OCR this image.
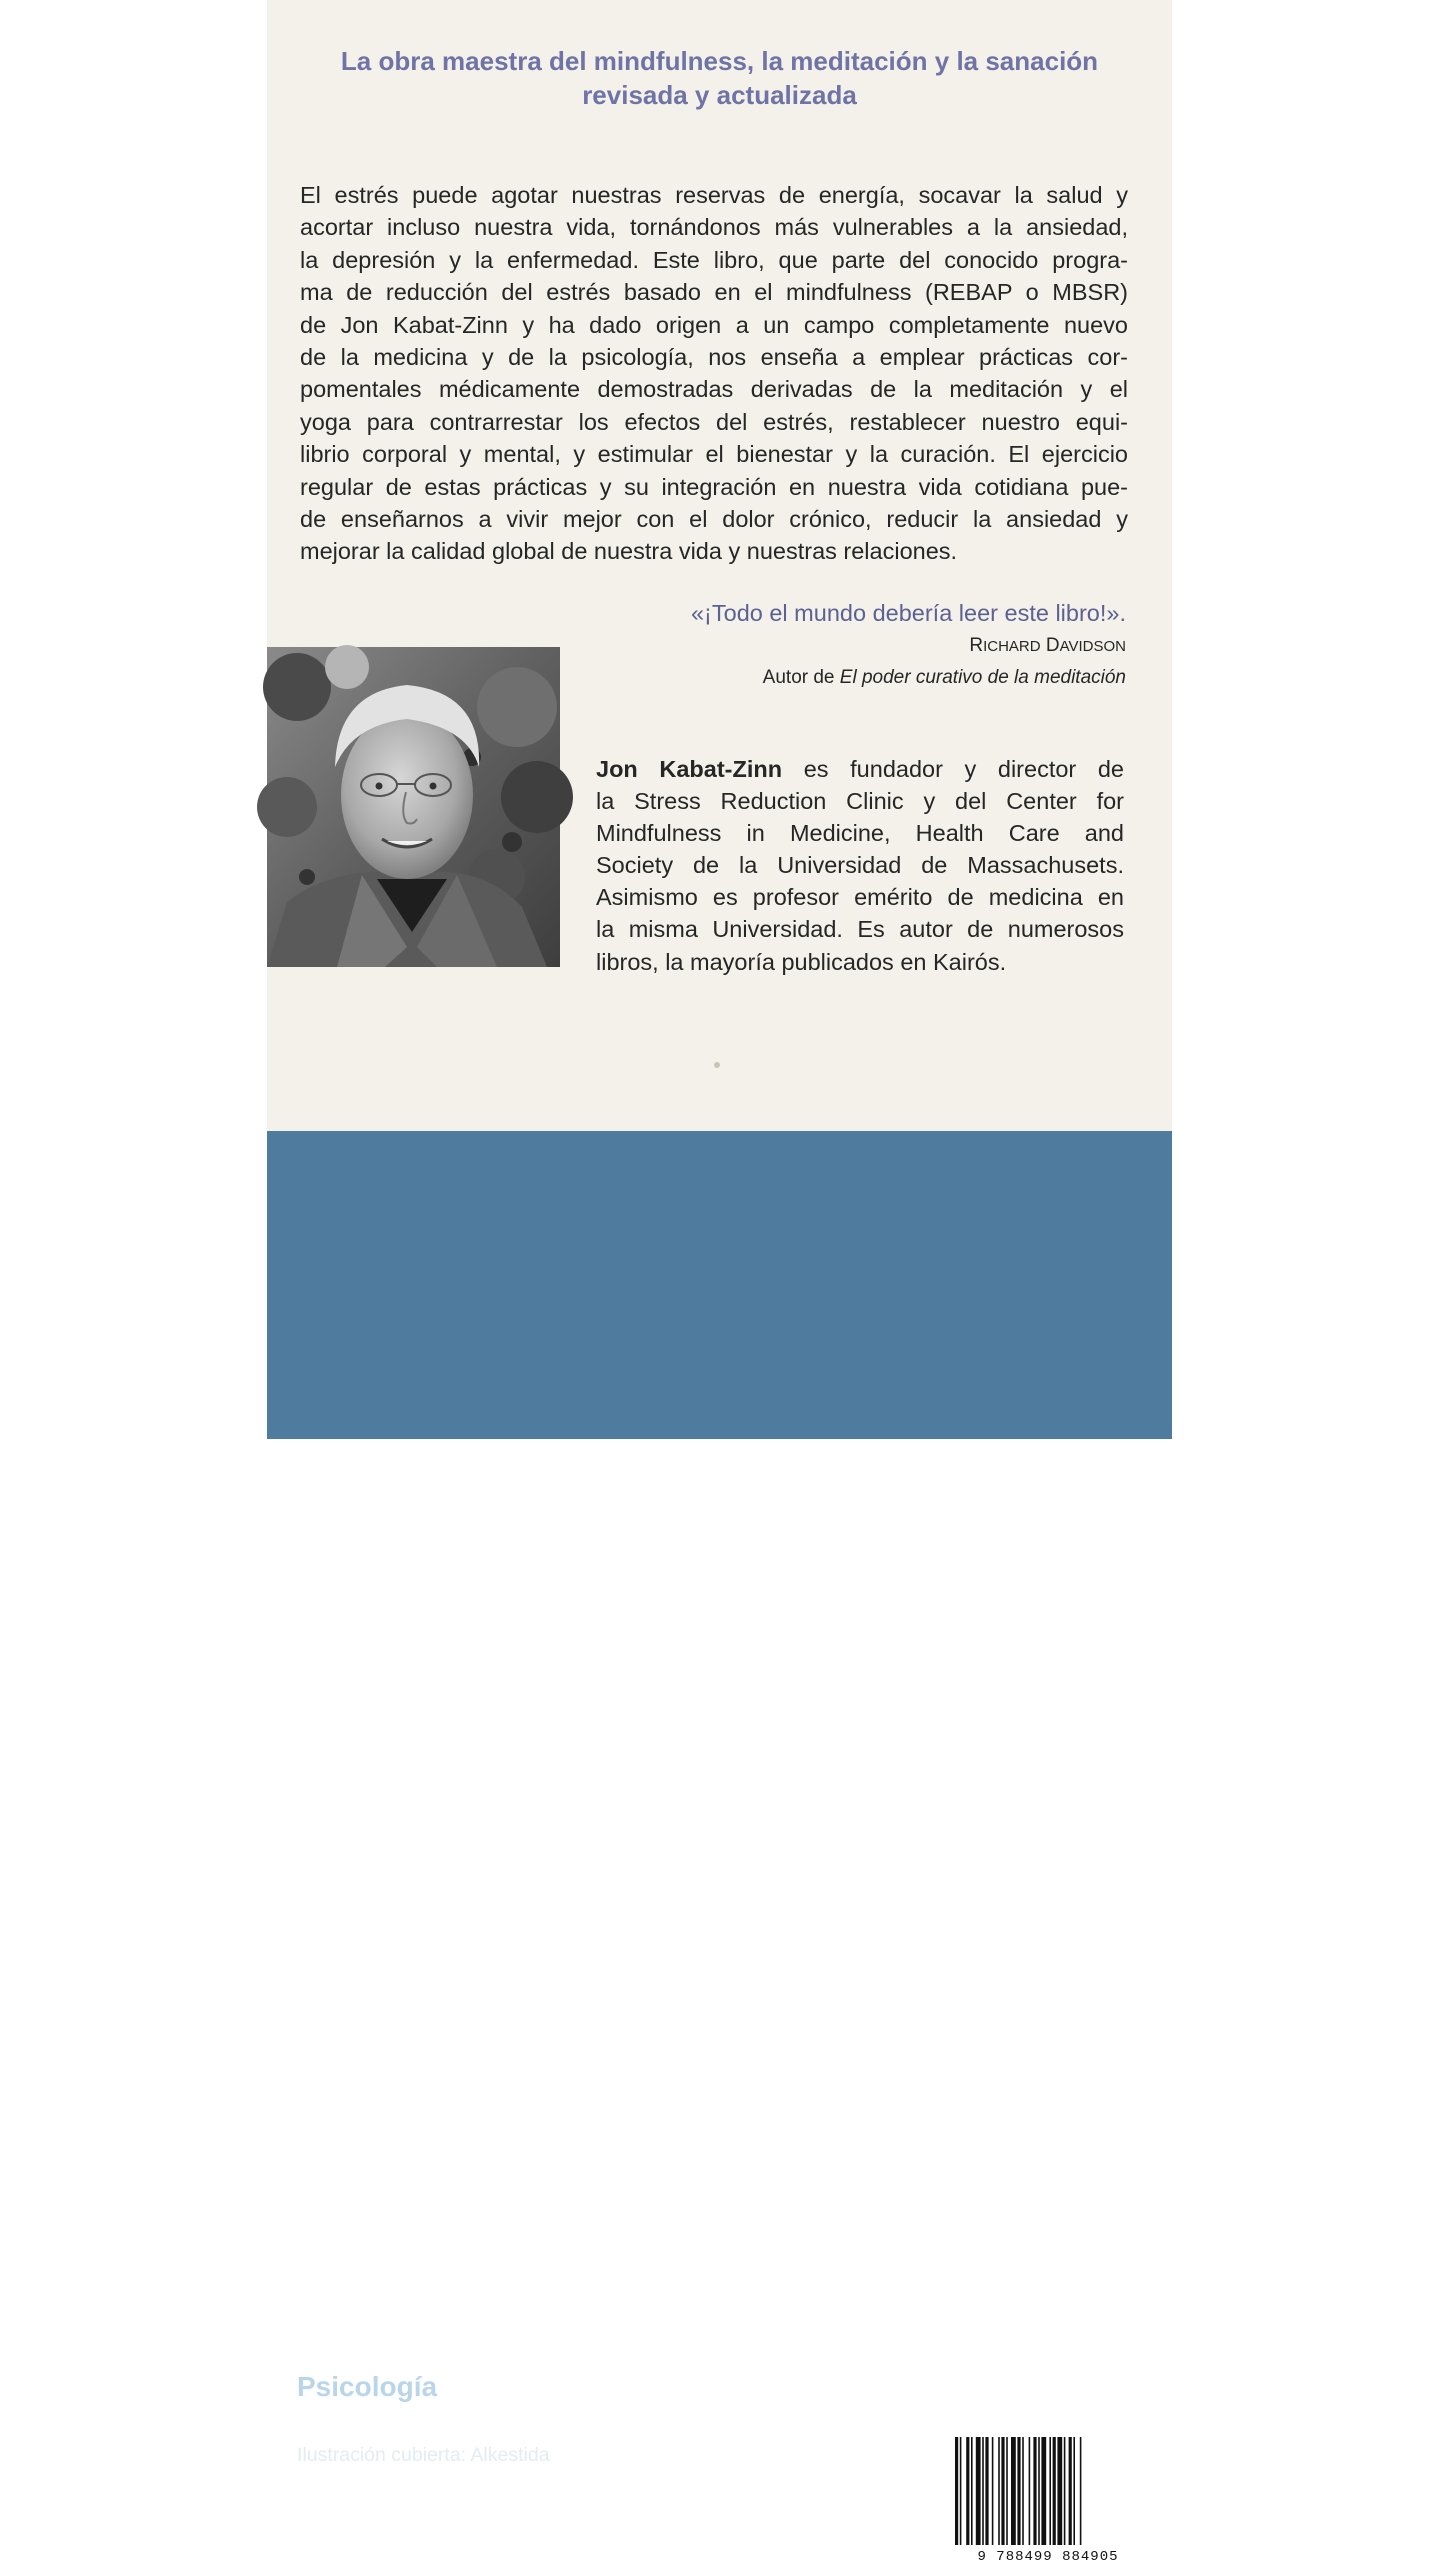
La obra maestra del mindfulness, la meditación y la sanación
revisada y actualizada
El estrés puede agotar nuestras reservas de energía, socavar la salud y
acortar incluso nuestra vida, tornándonos más vulnerables a la ansiedad,
la depresión y la enfermedad. Este libro, que parte del conocido progra-
ma de reducción del estrés basado en el mindfulness (REBAP o MBSR)
de Jon Kabat-Zinn y ha dado origen a un campo completamente nuevo
de la medicina y de la psicología, nos enseña a emplear prácticas cor-
pomentales médicamente demostradas derivadas de la meditación y el
yoga para contrarrestar los efectos del estrés, restablecer nuestro equi-
librio corporal y mental, y estimular el bienestar y la curación. El ejercicio
regular de estas prácticas y su integración en nuestra vida cotidiana pue-
de enseñarnos a vivir mejor con el dolor crónico, reducir la ansiedad y
mejorar la calidad global de nuestra vida y nuestras relaciones.
«¡Todo el mundo debería leer este libro!».
RICHARD DAVIDSON
Autor de El poder curativo de la meditación
Jon Kabat-Zinn es fundador y director de
la Stress Reduction Clinic y del Center for
Mindfulness in Medicine, Health Care and
Society de la Universidad de Massachusets.
Asimismo es profesor emérito de medicina en
la misma Universidad. Es autor de numerosos
libros, la mayoría publicados en Kairós.
Psicología
Ilustración cubierta: Alkestida
www.editorialkairos.com
www.facebook.com/editorialkairos	9 788499 884905
